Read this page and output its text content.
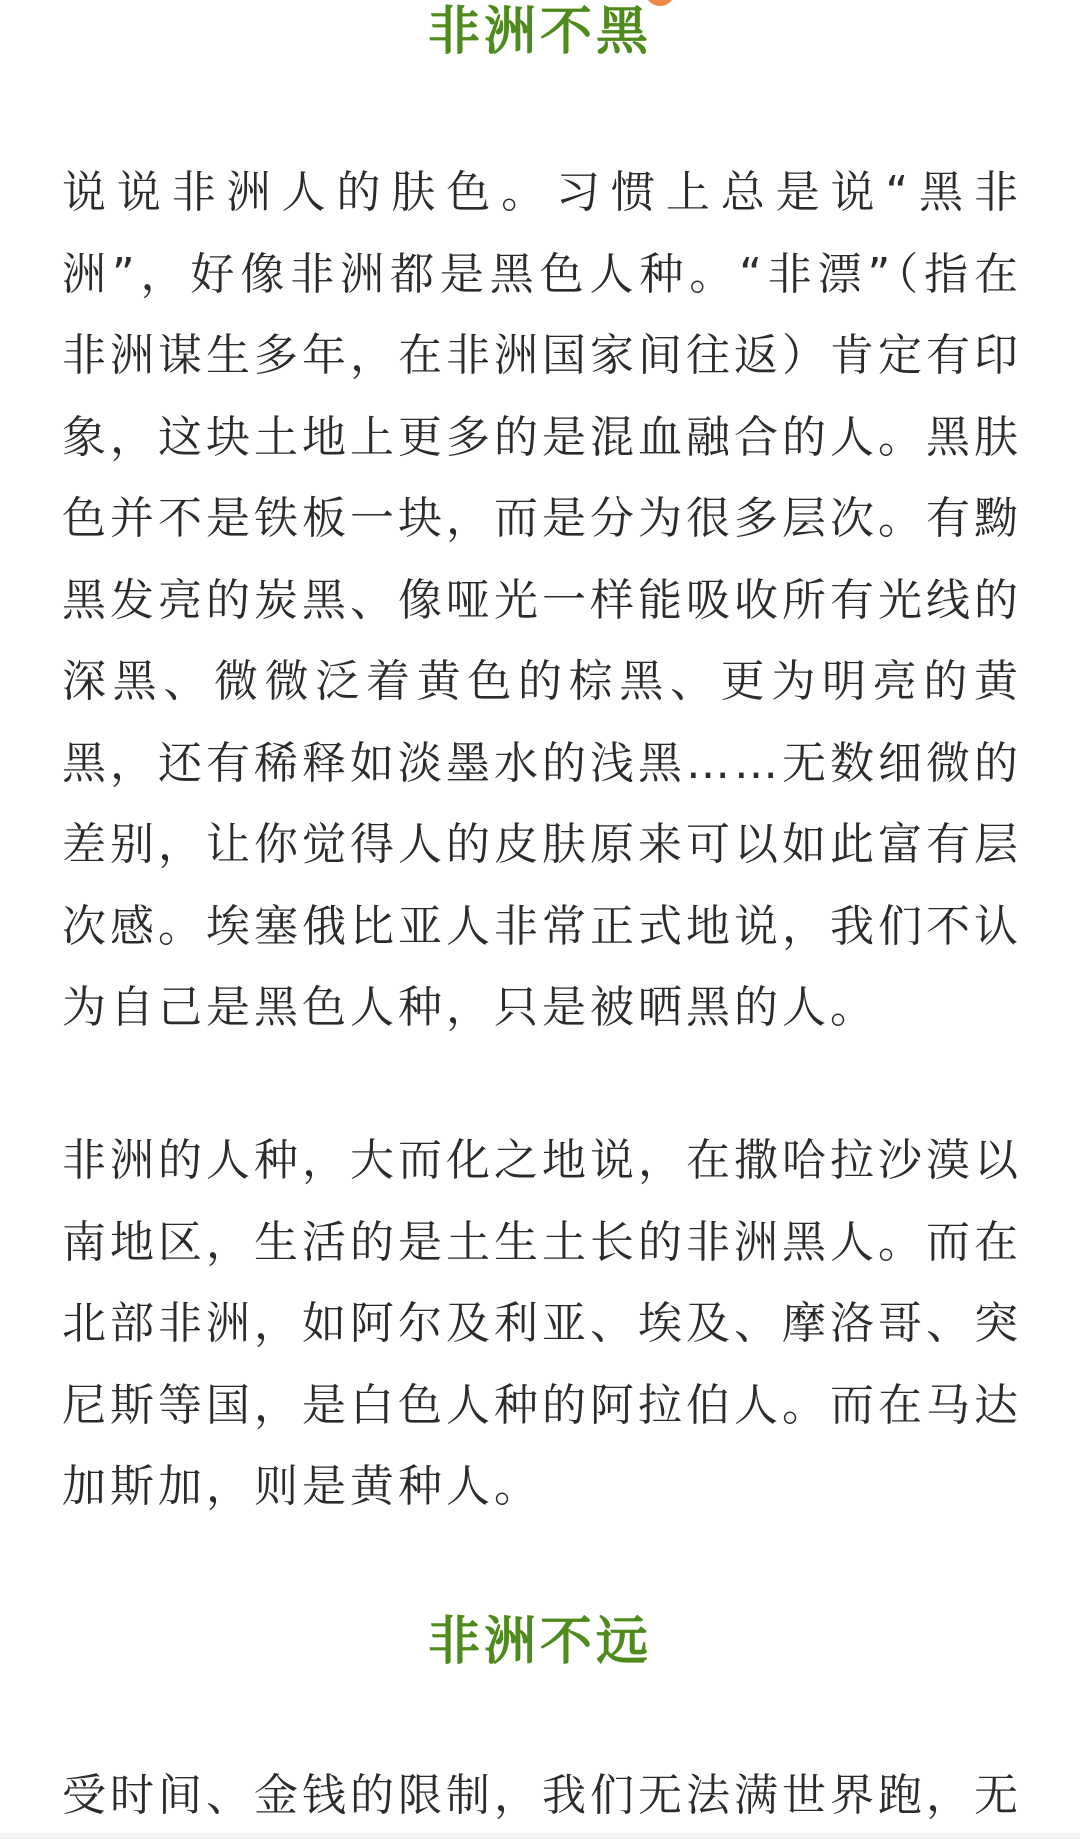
非洲不黑

说说非洲人的肤色。习惯上总是说“黑非洲”，好像非洲都是黑色人种。“非漂”（指在非洲谋生多年，在非洲国家间往返）肯定有印象，这块土地上更多的是混血融合的人。黑肤色并不是铁板一块，而是分为很多层次。有黝黑发亮的炭黑、像哑光一样能吸收所有光线的深黑、微微泛着黄色的棕黑、更为明亮的黄黑，还有稀释如淡墨水的浅黑……无数细微的差别，让你觉得人的皮肤原来可以如此富有层次感。埃塞俄比亚人非常正式地说，我们不认为自己是黑色人种，只是被晒黑的人。

非洲的人种，大而化之地说，在撒哈拉沙漠以南地区，生活的是土生土长的非洲黑人。而在北部非洲，如阿尔及利亚、埃及、摩洛哥、突尼斯等国，是白色人种的阿拉伯人。而在马达加斯加，则是黄种人。

非洲不远

受时间、金钱的限制，我们无法满世界跑，无
